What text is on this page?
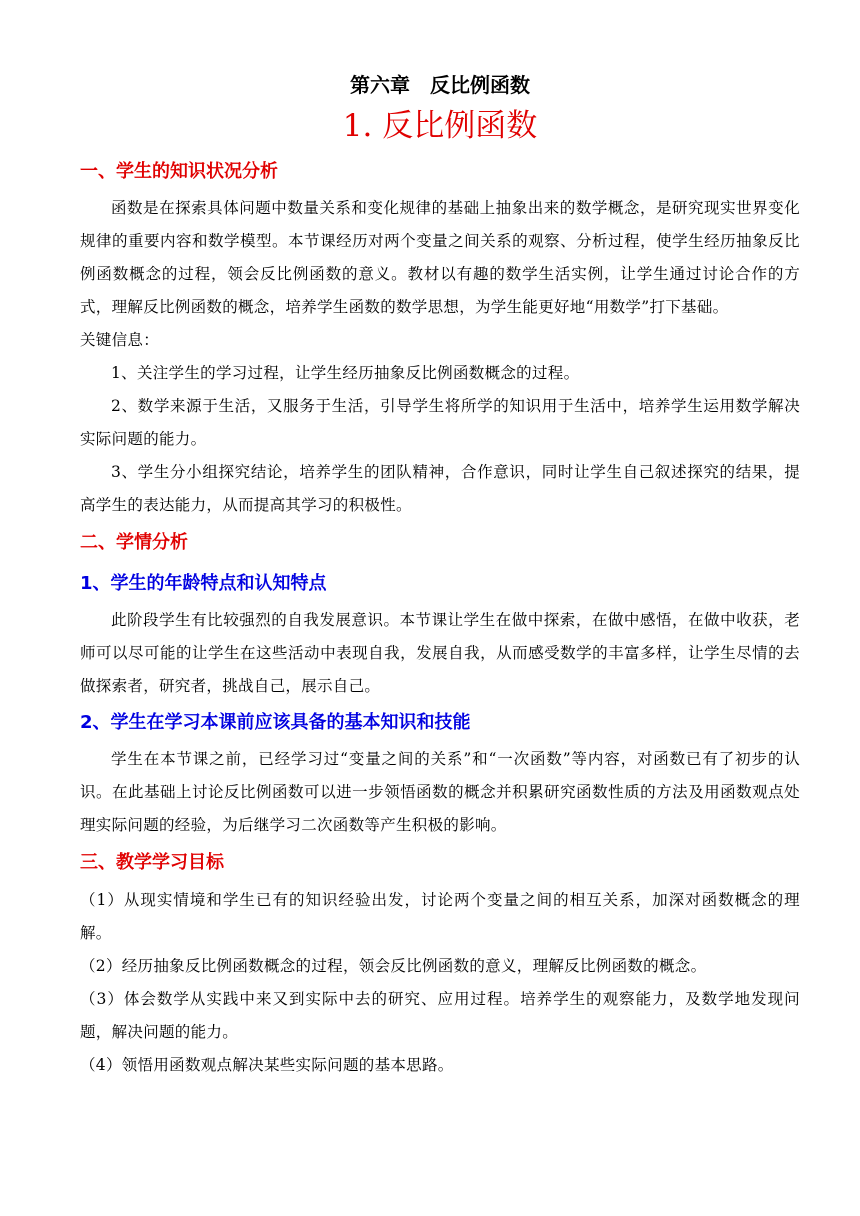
第六章　反比例函数
1. 反比例函数
一、学生的知识状况分析

函数是在探索具体问题中数量关系和变化规律的基础上抽象出来的数学概念，是研究现实世界变化规律的重要内容和数学模型。本节课经历对两个变量之间关系的观察、分析过程，使学生经历抽象反比例函数概念的过程，领会反比例函数的意义。教材以有趣的数学生活实例，让学生通过讨论合作的方式，理解反比例函数的概念，培养学生函数的数学思想，为学生能更好地“用数学”打下基础。

关键信息：

1、关注学生的学习过程，让学生经历抽象反比例函数概念的过程。

2、数学来源于生活，又服务于生活，引导学生将所学的知识用于生活中，培养学生运用数学解决实际问题的能力。

3、学生分小组探究结论，培养学生的团队精神，合作意识，同时让学生自己叙述探究的结果，提高学生的表达能力，从而提高其学习的积极性。

二、学情分析
1、学生的年龄特点和认知特点

此阶段学生有比较强烈的自我发展意识。本节课让学生在做中探索，在做中感悟，在做中收获，老师可以尽可能的让学生在这些活动中表现自我，发展自我，从而感受数学的丰富多样，让学生尽情的去做探索者，研究者，挑战自己，展示自己。

2、学生在学习本课前应该具备的基本知识和技能

学生在本节课之前，已经学习过“变量之间的关系”和“一次函数”等内容，对函数已有了初步的认识。在此基础上讨论反比例函数可以进一步领悟函数的概念并积累研究函数性质的方法及用函数观点处理实际问题的经验，为后继学习二次函数等产生积极的影响。

三、教学学习目标

（1）从现实情境和学生已有的知识经验出发，讨论两个变量之间的相互关系，加深对函数概念的理解。

（2）经历抽象反比例函数概念的过程，领会反比例函数的意义，理解反比例函数的概念。

（3）体会数学从实践中来又到实际中去的研究、应用过程。培养学生的观察能力，及数学地发现问题，解决问题的能力。

（4）领悟用函数观点解决某些实际问题的基本思路。
